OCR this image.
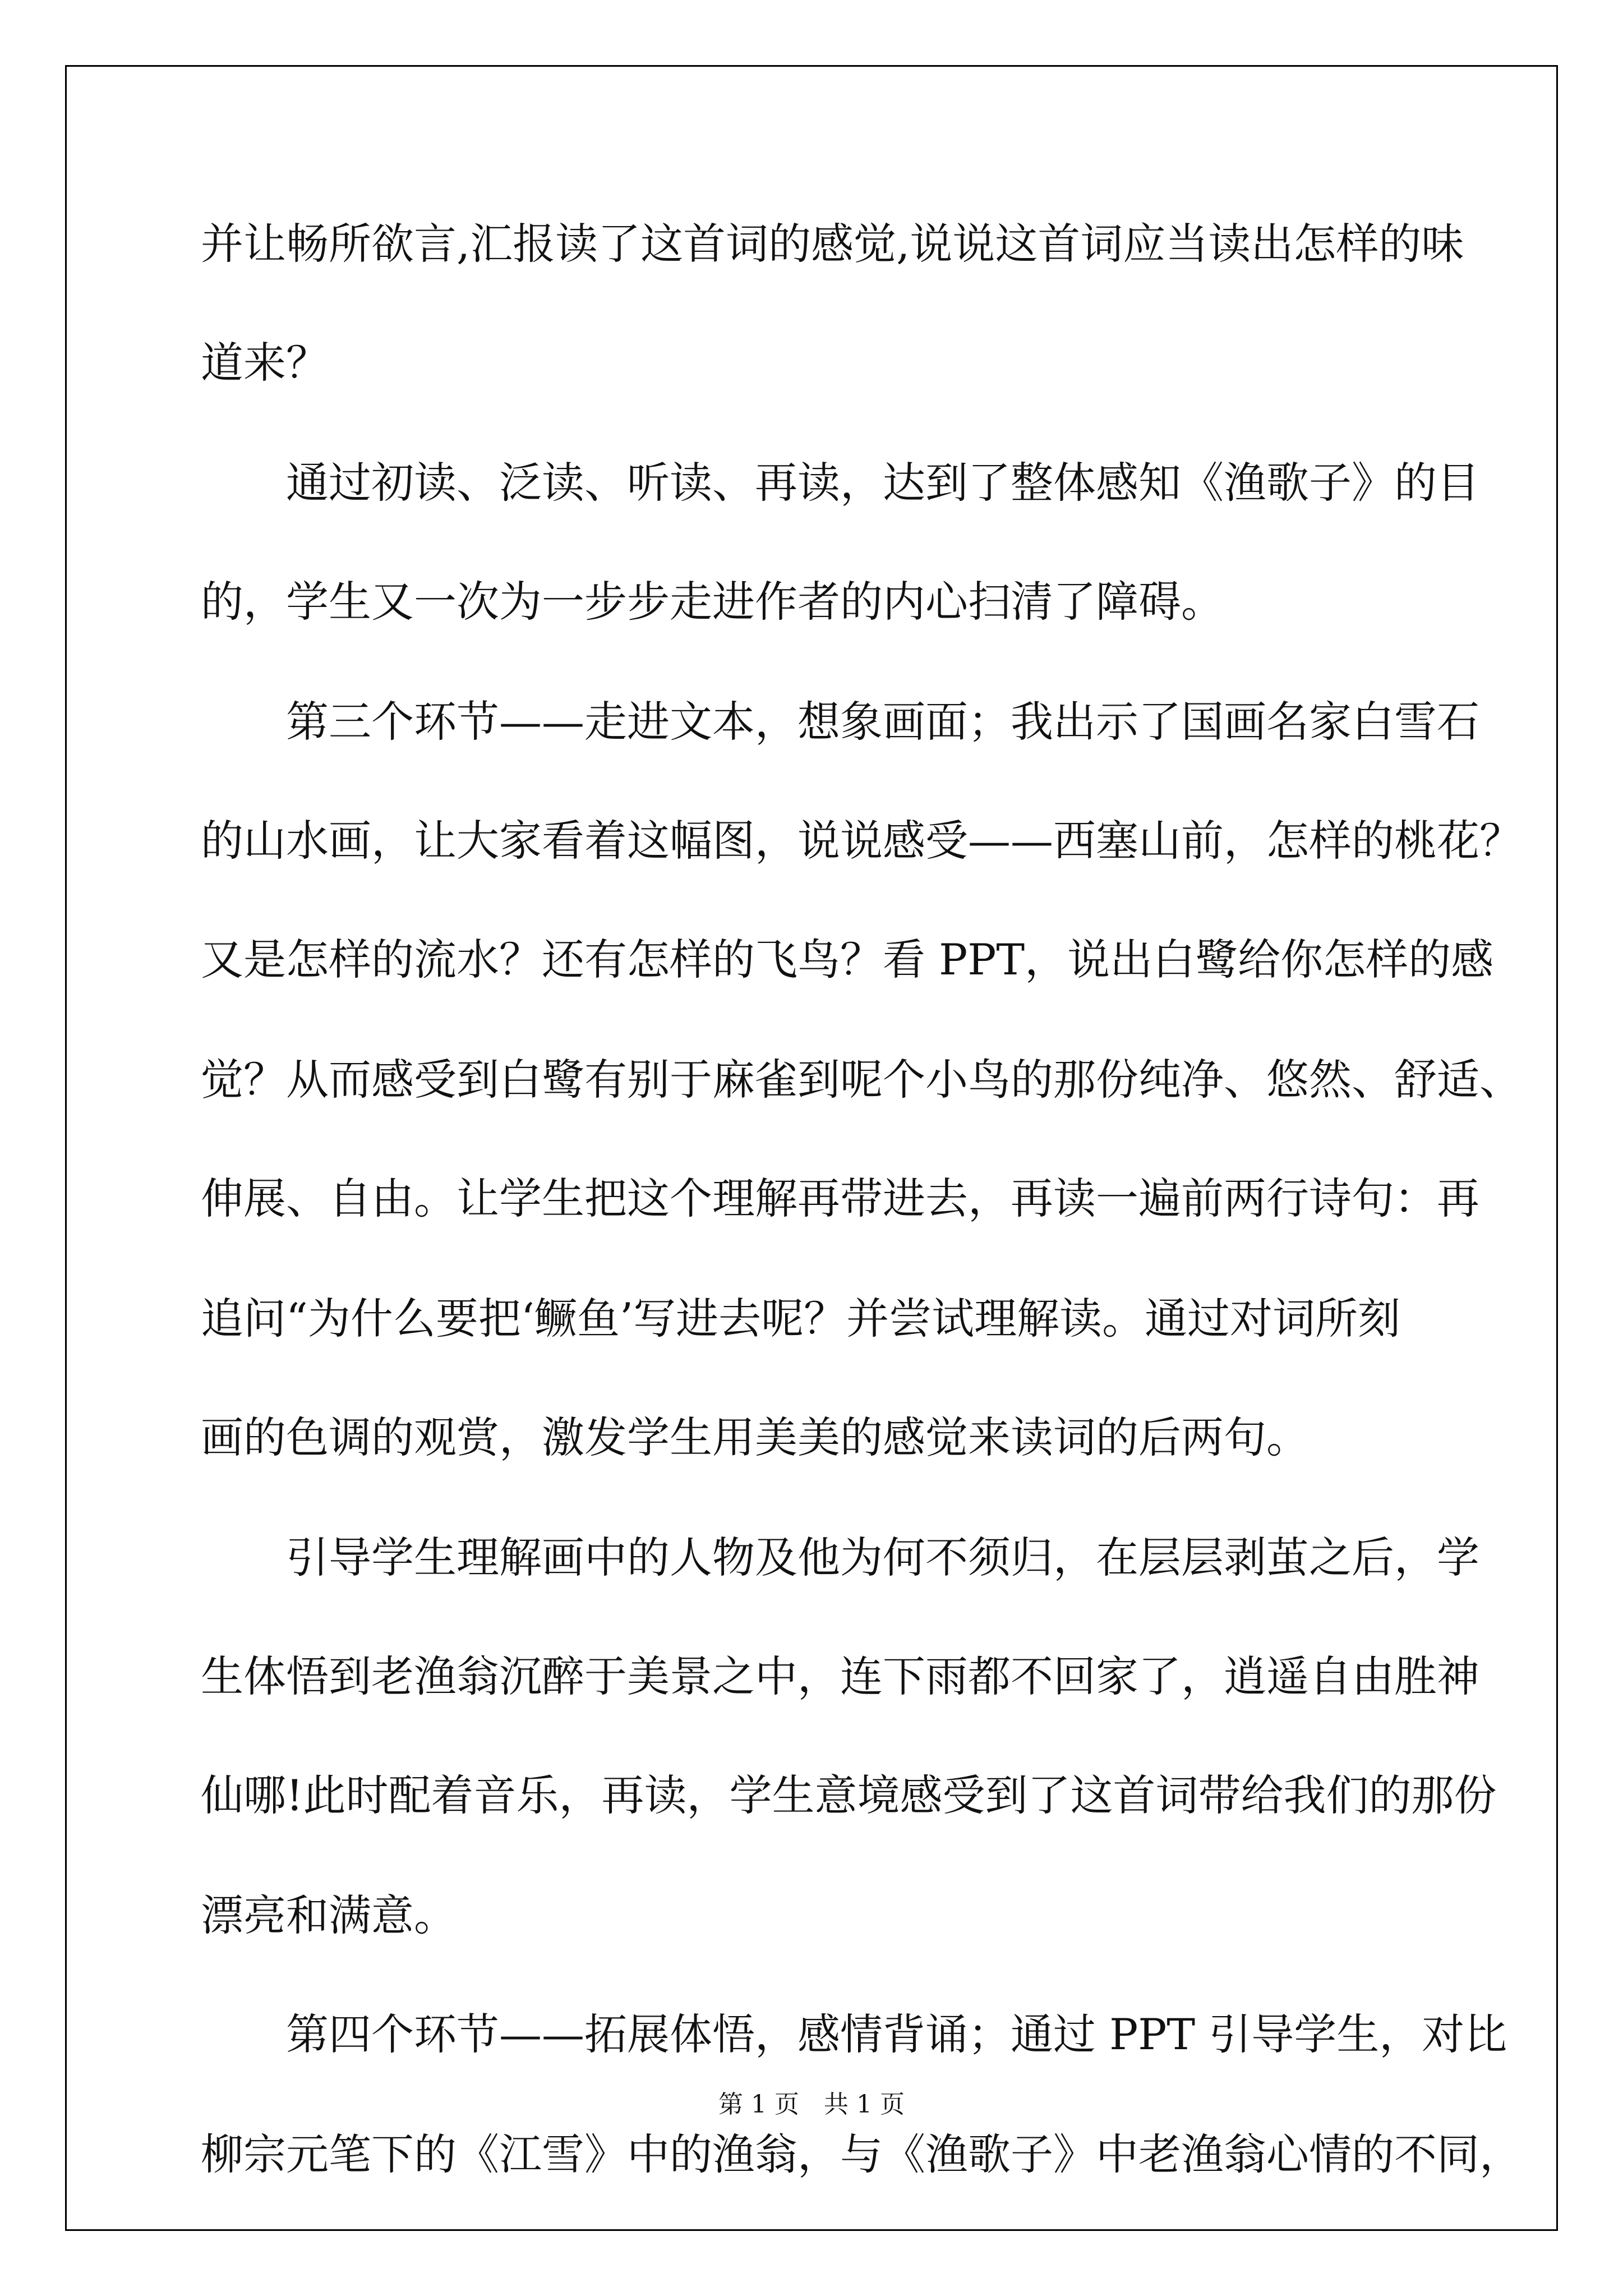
并让畅所欲言,汇报读了这首词的感觉,说说这首词应当读出怎样的味
道来？
通过初读、泛读、听读、再读，达到了整体感知《渔歌子》的目
的，学生又一次为一步步走进作者的内心扫清了障碍。
第三个环节——走进文本，想象画面；我出示了国画名家白雪石
的山水画，让大家看着这幅图，说说感受——西塞山前，怎样的桃花？
又是怎样的流水？还有怎样的飞鸟？看 PPT，说出白鹭给你怎样的感
觉？从而感受到白鹭有别于麻雀到呢个小鸟的那份纯净、悠然、舒适、
伸展、自由。让学生把这个理解再带进去，再读一遍前两行诗句：再
追问“为什么要把‘鳜鱼’写进去呢？并尝试理解读。通过对词所刻
画的色调的观赏，激发学生用美美的感觉来读词的后两句。
引导学生理解画中的人物及他为何不须归，在层层剥茧之后，学
生体悟到老渔翁沉醉于美景之中，连下雨都不回家了，逍遥自由胜神
仙哪!此时配着音乐，再读，学生意境感受到了这首词带给我们的那份
漂亮和满意。
第四个环节——拓展体悟，感情背诵；通过 PPT 引导学生，对比
柳宗元笔下的《江雪》中的渔翁，与《渔歌子》中老渔翁心情的不同，
第 1 页　共 1 页
